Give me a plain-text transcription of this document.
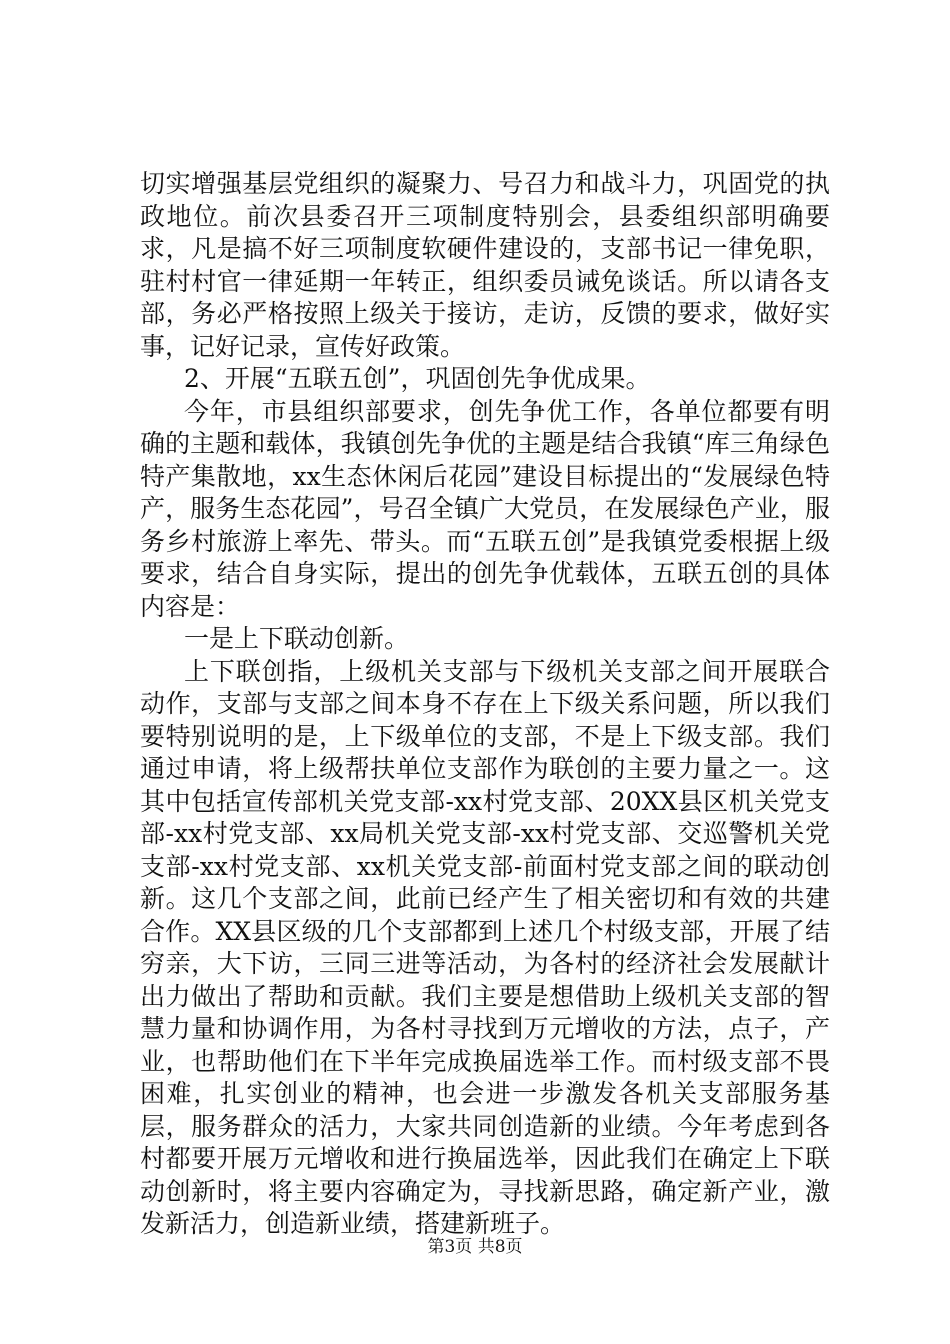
切实增强基层党组织的凝聚力、号召力和战斗力，巩固党的执政地位。前次县委召开三项制度特别会，县委组织部明确要求，凡是搞不好三项制度软硬件建设的，支部书记一律免职，驻村村官一律延期一年转正，组织委员诫免谈话。所以请各支部，务必严格按照上级关于接访，走访，反馈的要求，做好实事，记好记录，宣传好政策。

2、开展“五联五创”，巩固创先争优成果。

今年，市县组织部要求，创先争优工作，各单位都要有明确的主题和载体，我镇创先争优的主题是结合我镇“库三角绿色特产集散地，xx生态休闲后花园”建设目标提出的“发展绿色特产，服务生态花园”，号召全镇广大党员，在发展绿色产业，服务乡村旅游上率先、带头。而“五联五创”是我镇党委根据上级要求，结合自身实际，提出的创先争优载体，五联五创的具体内容是：

一是上下联动创新。

上下联创指，上级机关支部与下级机关支部之间开展联合动作，支部与支部之间本身不存在上下级关系问题，所以我们要特别说明的是，上下级单位的支部，不是上下级支部。我们通过申请，将上级帮扶单位支部作为联创的主要力量之一。这其中包括宣传部机关党支部-xx村党支部、20XX县区机关党支部-xx村党支部、xx局机关党支部-xx村党支部、交巡警机关党支部-xx村党支部、xx机关党支部-前面村党支部之间的联动创新。这几个支部之间，此前已经产生了相关密切和有效的共建合作。XX县区级的几个支部都到上述几个村级支部，开展了结穷亲，大下访，三同三进等活动，为各村的经济社会发展献计出力做出了帮助和贡献。我们主要是想借助上级机关支部的智慧力量和协调作用，为各村寻找到万元增收的方法，点子，产业，也帮助他们在下半年完成换届选举工作。而村级支部不畏困难，扎实创业的精神，也会进一步激发各机关支部服务基层，服务群众的活力，大家共同创造新的业绩。今年考虑到各村都要开展万元增收和进行换届选举，因此我们在确定上下联动创新时，将主要内容确定为，寻找新思路，确定新产业，激发新活力，创造新业绩，搭建新班子。

第3页 共8页
